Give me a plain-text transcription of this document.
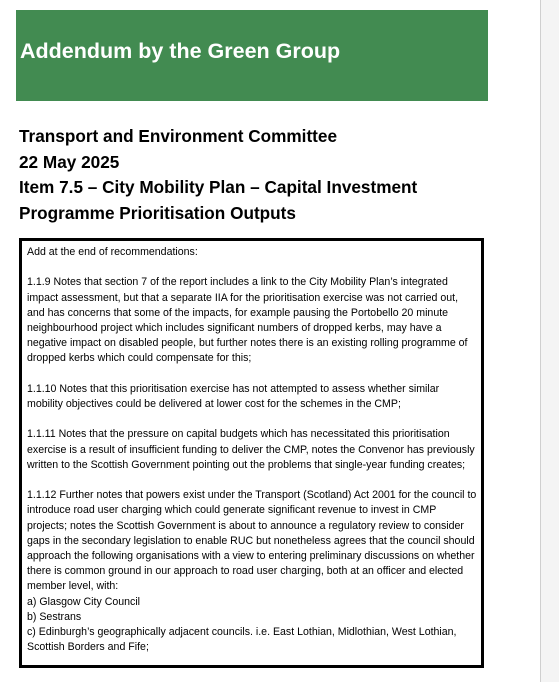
Addendum by the Green Group
Transport and Environment Committee
22 May 2025
Item 7.5 – City Mobility Plan – Capital Investment
Programme Prioritisation Outputs

Add at the end of recommendations:

1.1.9 Notes that section 7 of the report includes a link to the City Mobility Plan’s integrated impact assessment, but that a separate IIA for the prioritisation exercise was not carried out, and has concerns that some of the impacts, for example pausing the Portobello 20 minute neighbourhood project which includes significant numbers of dropped kerbs, may have a negative impact on disabled people, but further notes there is an existing rolling programme of dropped kerbs which could compensate for this;

1.1.10 Notes that this prioritisation exercise has not attempted to assess whether similar mobility objectives could be delivered at lower cost for the schemes in the CMP;

1.1.11 Notes that the pressure on capital budgets which has necessitated this prioritisation exercise is a result of insufficient funding to deliver the CMP, notes the Convenor has previously written to the Scottish Government pointing out the problems that single-year funding creates;

1.1.12 Further notes that powers exist under the Transport (Scotland) Act 2001 for the council to introduce road user charging which could generate significant revenue to invest in CMP projects; notes the Scottish Government is about to announce a regulatory review to consider gaps in the secondary legislation to enable RUC but nonetheless agrees that the council should approach the following organisations with a view to entering preliminary discussions on whether there is common ground in our approach to road user charging, both at an officer and elected member level, with:

a) Glasgow City Council
b) Sestrans
c) Edinburgh’s geographically adjacent councils. i.e. East Lothian, Midlothian, West Lothian, Scottish Borders and Fife;
